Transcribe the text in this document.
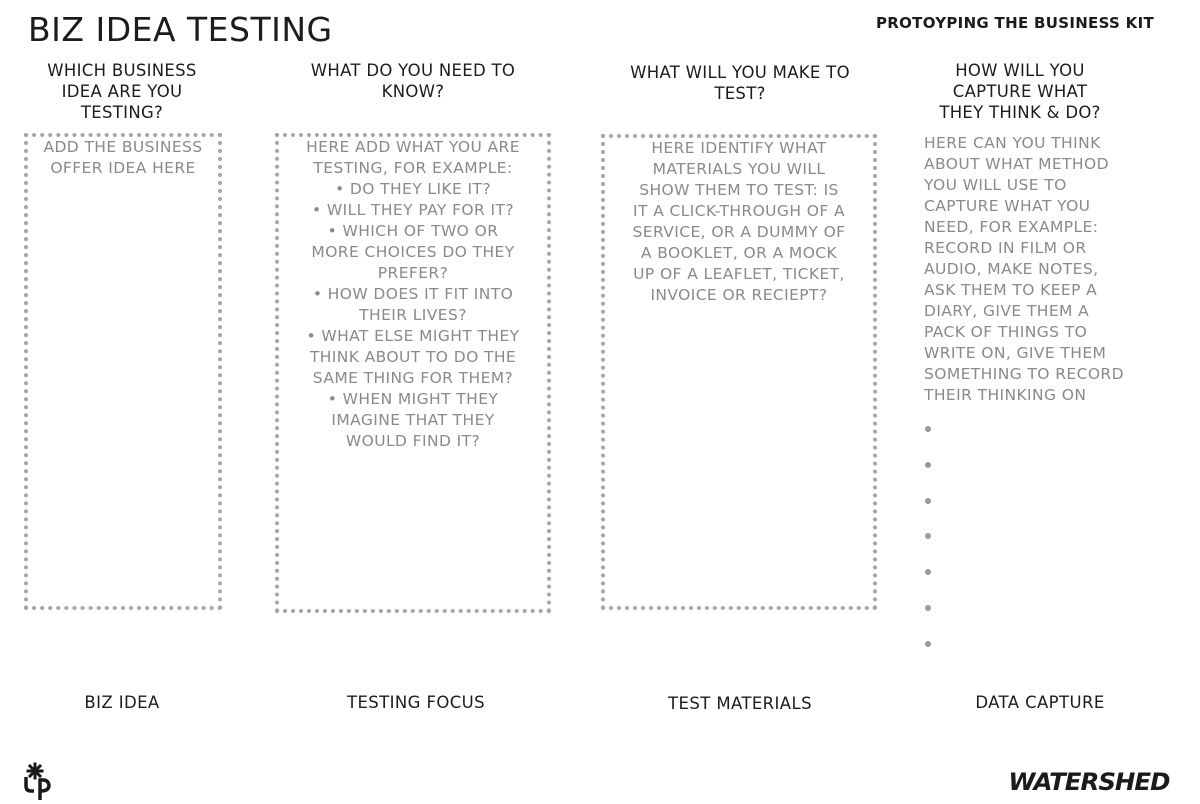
BIZ IDEA TESTING	PROTOYPING THE BUSINESS KIT
WHICH BUSINESS
IDEA ARE YOU
TESTING?
ADD THE BUSINESS
OFFER IDEA HERE
BIZ IDEA
WHAT DO YOU NEED TO
KNOW?
HERE ADD WHAT YOU ARE
TESTING, FOR EXAMPLE:
• DO THEY LIKE IT?
• WILL THEY PAY FOR IT?
• WHICH OF TWO OR
MORE CHOICES DO THEY
PREFER?
• HOW DOES IT FIT INTO
THEIR LIVES?
• WHAT ELSE MIGHT THEY
THINK ABOUT TO DO THE
SAME THING FOR THEM?
• WHEN MIGHT THEY
IMAGINE THAT THEY
WOULD FIND IT?
TESTING FOCUS
WHAT WILL YOU MAKE TO
TEST?
HERE IDENTIFY WHAT
MATERIALS YOU WILL
SHOW THEM TO TEST: IS
IT A CLICK-THROUGH OF A
SERVICE, OR A DUMMY OF
A BOOKLET, OR A MOCK
UP OF A LEAFLET, TICKET,
INVOICE OR RECIEPT?
TEST MATERIALS
HOW WILL YOU
CAPTURE WHAT
THEY THINK & DO?
HERE CAN YOU THINK
ABOUT WHAT METHOD
YOU WILL USE TO
CAPTURE WHAT YOU
NEED, FOR EXAMPLE:
RECORD IN FILM OR
AUDIO, MAKE NOTES,
ASK THEM TO KEEP A
DIARY, GIVE THEM A
PACK OF THINGS TO
WRITE ON, GIVE THEM
SOMETHING TO RECORD
THEIR THINKING ON
DATA CAPTURE
WATERSHED
